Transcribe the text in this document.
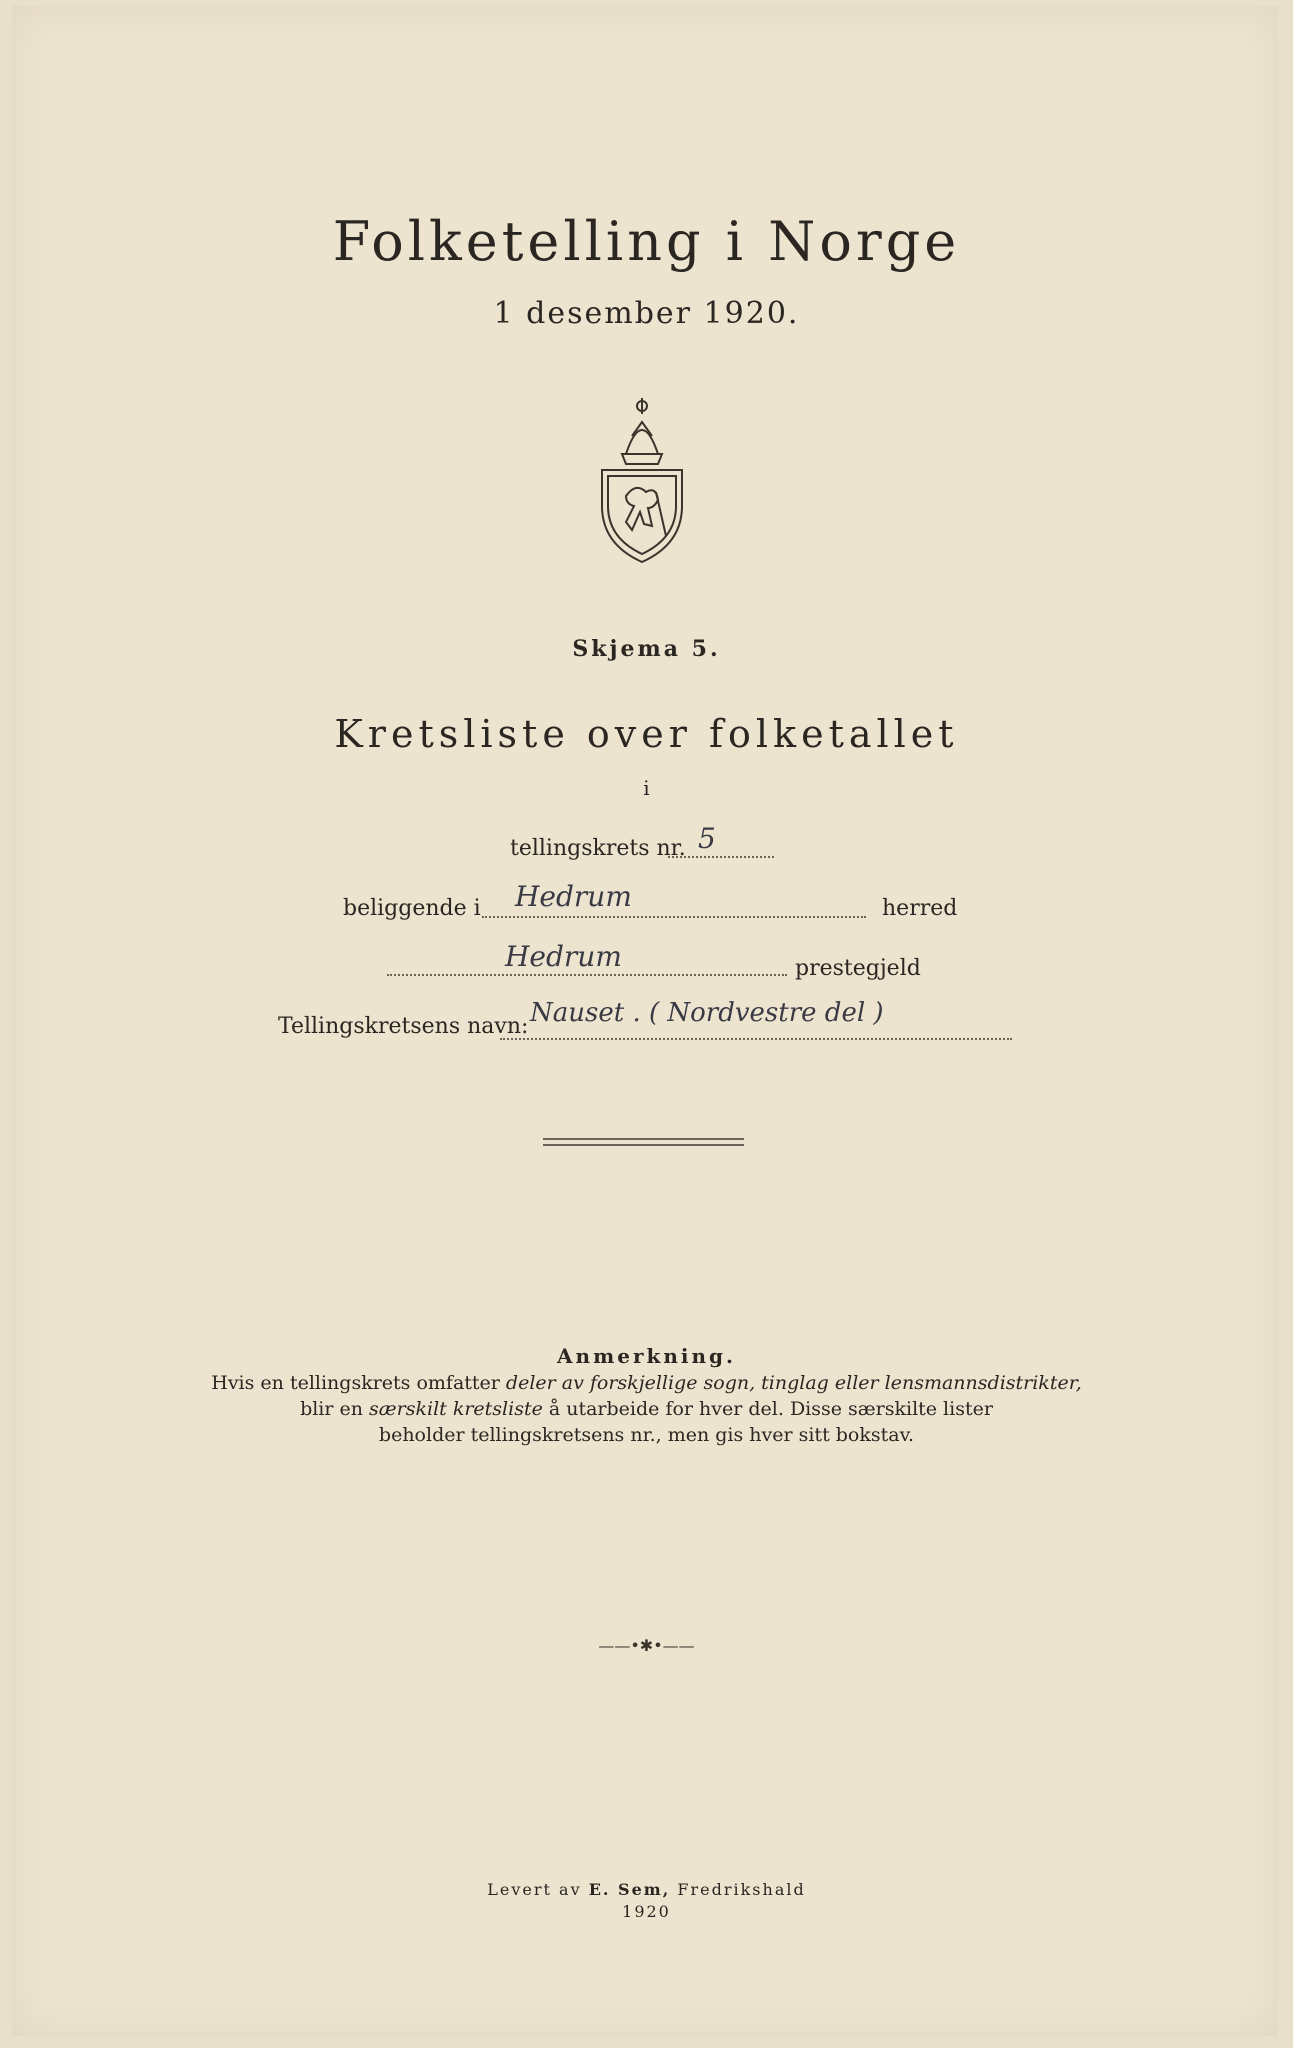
Folketelling i Norge
1 desember 1920.
Skjema 5.
Kretsliste over folketallet
i
tellingskrets nr. 5
beliggende i Hedrum	herred
Hedrum	prestegjeld
Tellingskretsens navn: Nauset . ( Nordvestre del )
Anmerkning.
Hvis en tellingskrets omfatter deler av forskjellige sogn, tinglag eller lensmannsdistrikter,
blir en særskilt kretsliste å utarbeide for hver del. Disse særskilte lister
beholder tellingskretsens nr., men gis hver sitt bokstav.
——•✱•——
Levert av E. Sem, Fredrikshald
1920
